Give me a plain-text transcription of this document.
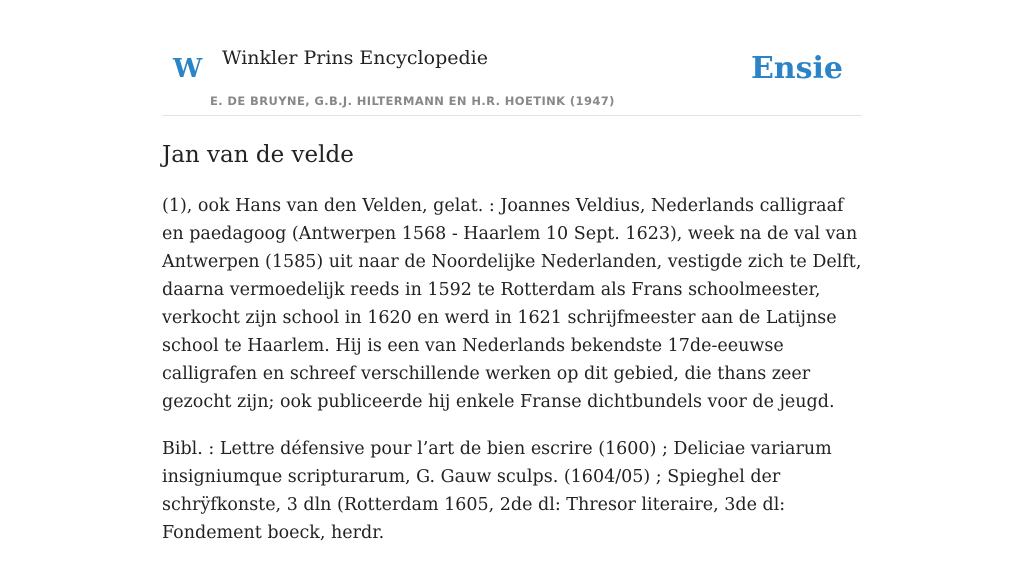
W Winkler Prins Encyclopedie
E. DE BRUYNE, G.B.J. HILTERMANN EN H.R. HOETINK (1947)
Ensie
Jan van de velde

(1), ook Hans van den Velden, gelat. : Joannes Veldius, Nederlands calligraaf en paedagoog (Antwerpen 1568 - Haarlem 10 Sept. 1623), week na de val van Antwerpen (1585) uit naar de Noordelijke Nederlanden, vestigde zich te Delft, daarna vermoedelijk reeds in 1592 te Rotterdam als Frans schoolmeester, verkocht zijn school in 1620 en werd in 1621 schrijfmeester aan de Latijnse school te Haarlem. Hij is een van Nederlands bekendste 17de-eeuwse calligrafen en schreef verschillende werken op dit gebied, die thans zeer gezocht zijn; ook publiceerde hij enkele Franse dichtbundels voor de jeugd.

Bibl. : Lettre défensive pour l’art de bien escrire (1600) ; Deliciae variarum insigniumque scripturarum, G. Gauw sculps. (1604/05) ; Spieghel der schrÿfkonste, 3 dln (Rotterdam 1605, 2de dl: Thresor literaire, 3de dl: Fondement boeck, herdr.
